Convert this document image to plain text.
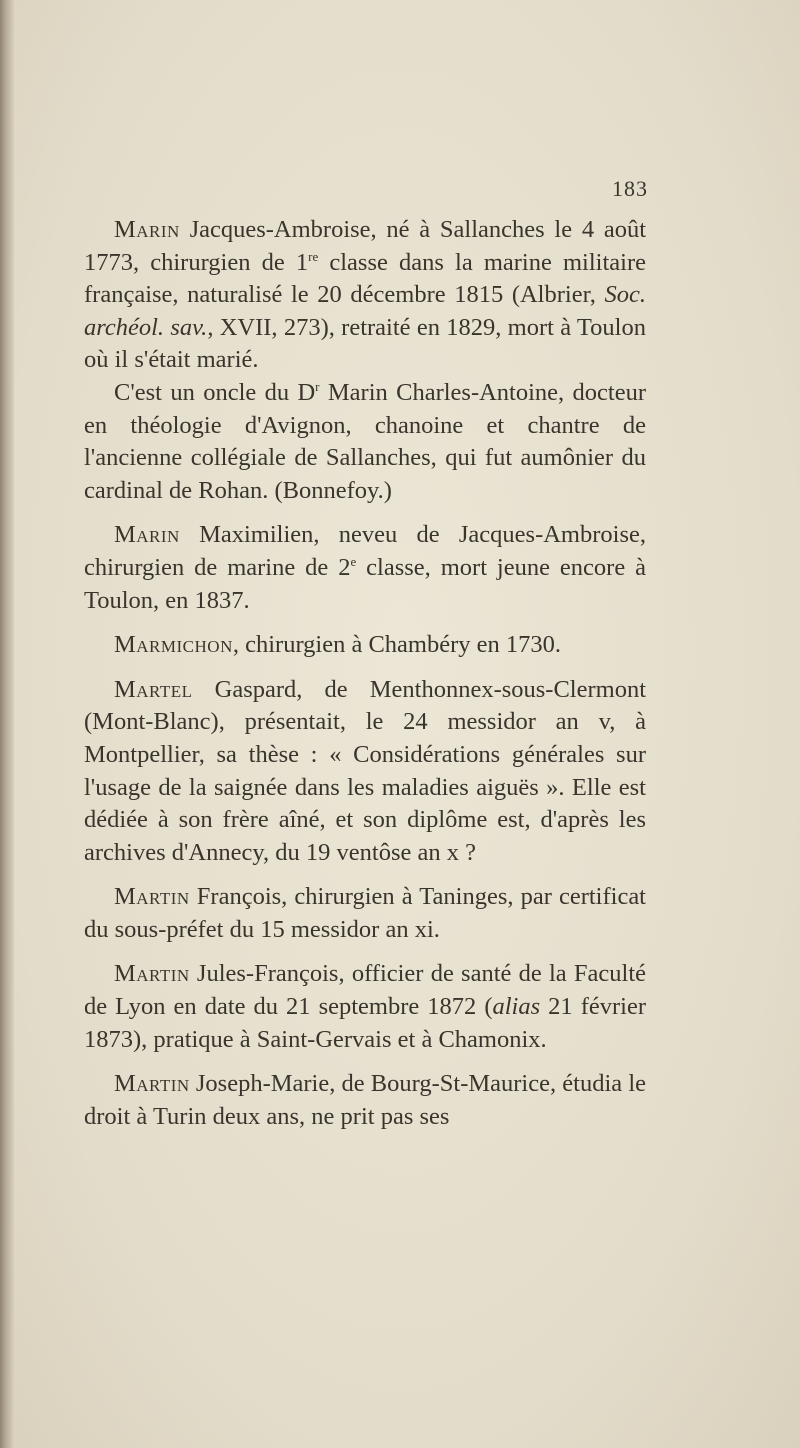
183

Marin Jacques-Ambroise, né à Sallanches le 4 août 1773, chirurgien de 1re classe dans la marine militaire française, naturalisé le 20 décembre 1815 (Albrier, Soc. archéol. sav., XVII, 273), retraité en 1829, mort à Toulon où il s'était marié.

C'est un oncle du $D^r$ Marin Charles-Antoine, docteur en théologie d'Avignon, chanoine et chantre de l'ancienne collégiale de Sallanches, qui fut aumônier du cardinal de Rohan. (Bonnefoy.)

Marin Maximilien, neveu de Jacques-Ambroise, chirurgien de marine de 2e classe, mort jeune encore à Toulon, en 1837.

Marmichon, chirurgien à Chambéry en 1730.

Martel Gaspard, de Menthonnex-sous-Clermont (Mont-Blanc), présentait, le 24 messidor an v, à Montpellier, sa thèse : « Considérations générales sur l'usage de la saignée dans les maladies aiguës ». Elle est dédiée à son frère aîné, et son diplôme est, d'après les archives d'Annecy, du 19 ventôse an x ?

Martin François, chirurgien à Taninges, par certificat du sous-préfet du 15 messidor an xi.

Martin Jules-François, officier de santé de la Faculté de Lyon en date du 21 septembre 1872 (alias 21 février 1873), pratique à Saint-Gervais et à Chamonix.

Martin Joseph-Marie, de Bourg-St-Maurice, étudia le droit à Turin deux ans, ne prit pas ses
